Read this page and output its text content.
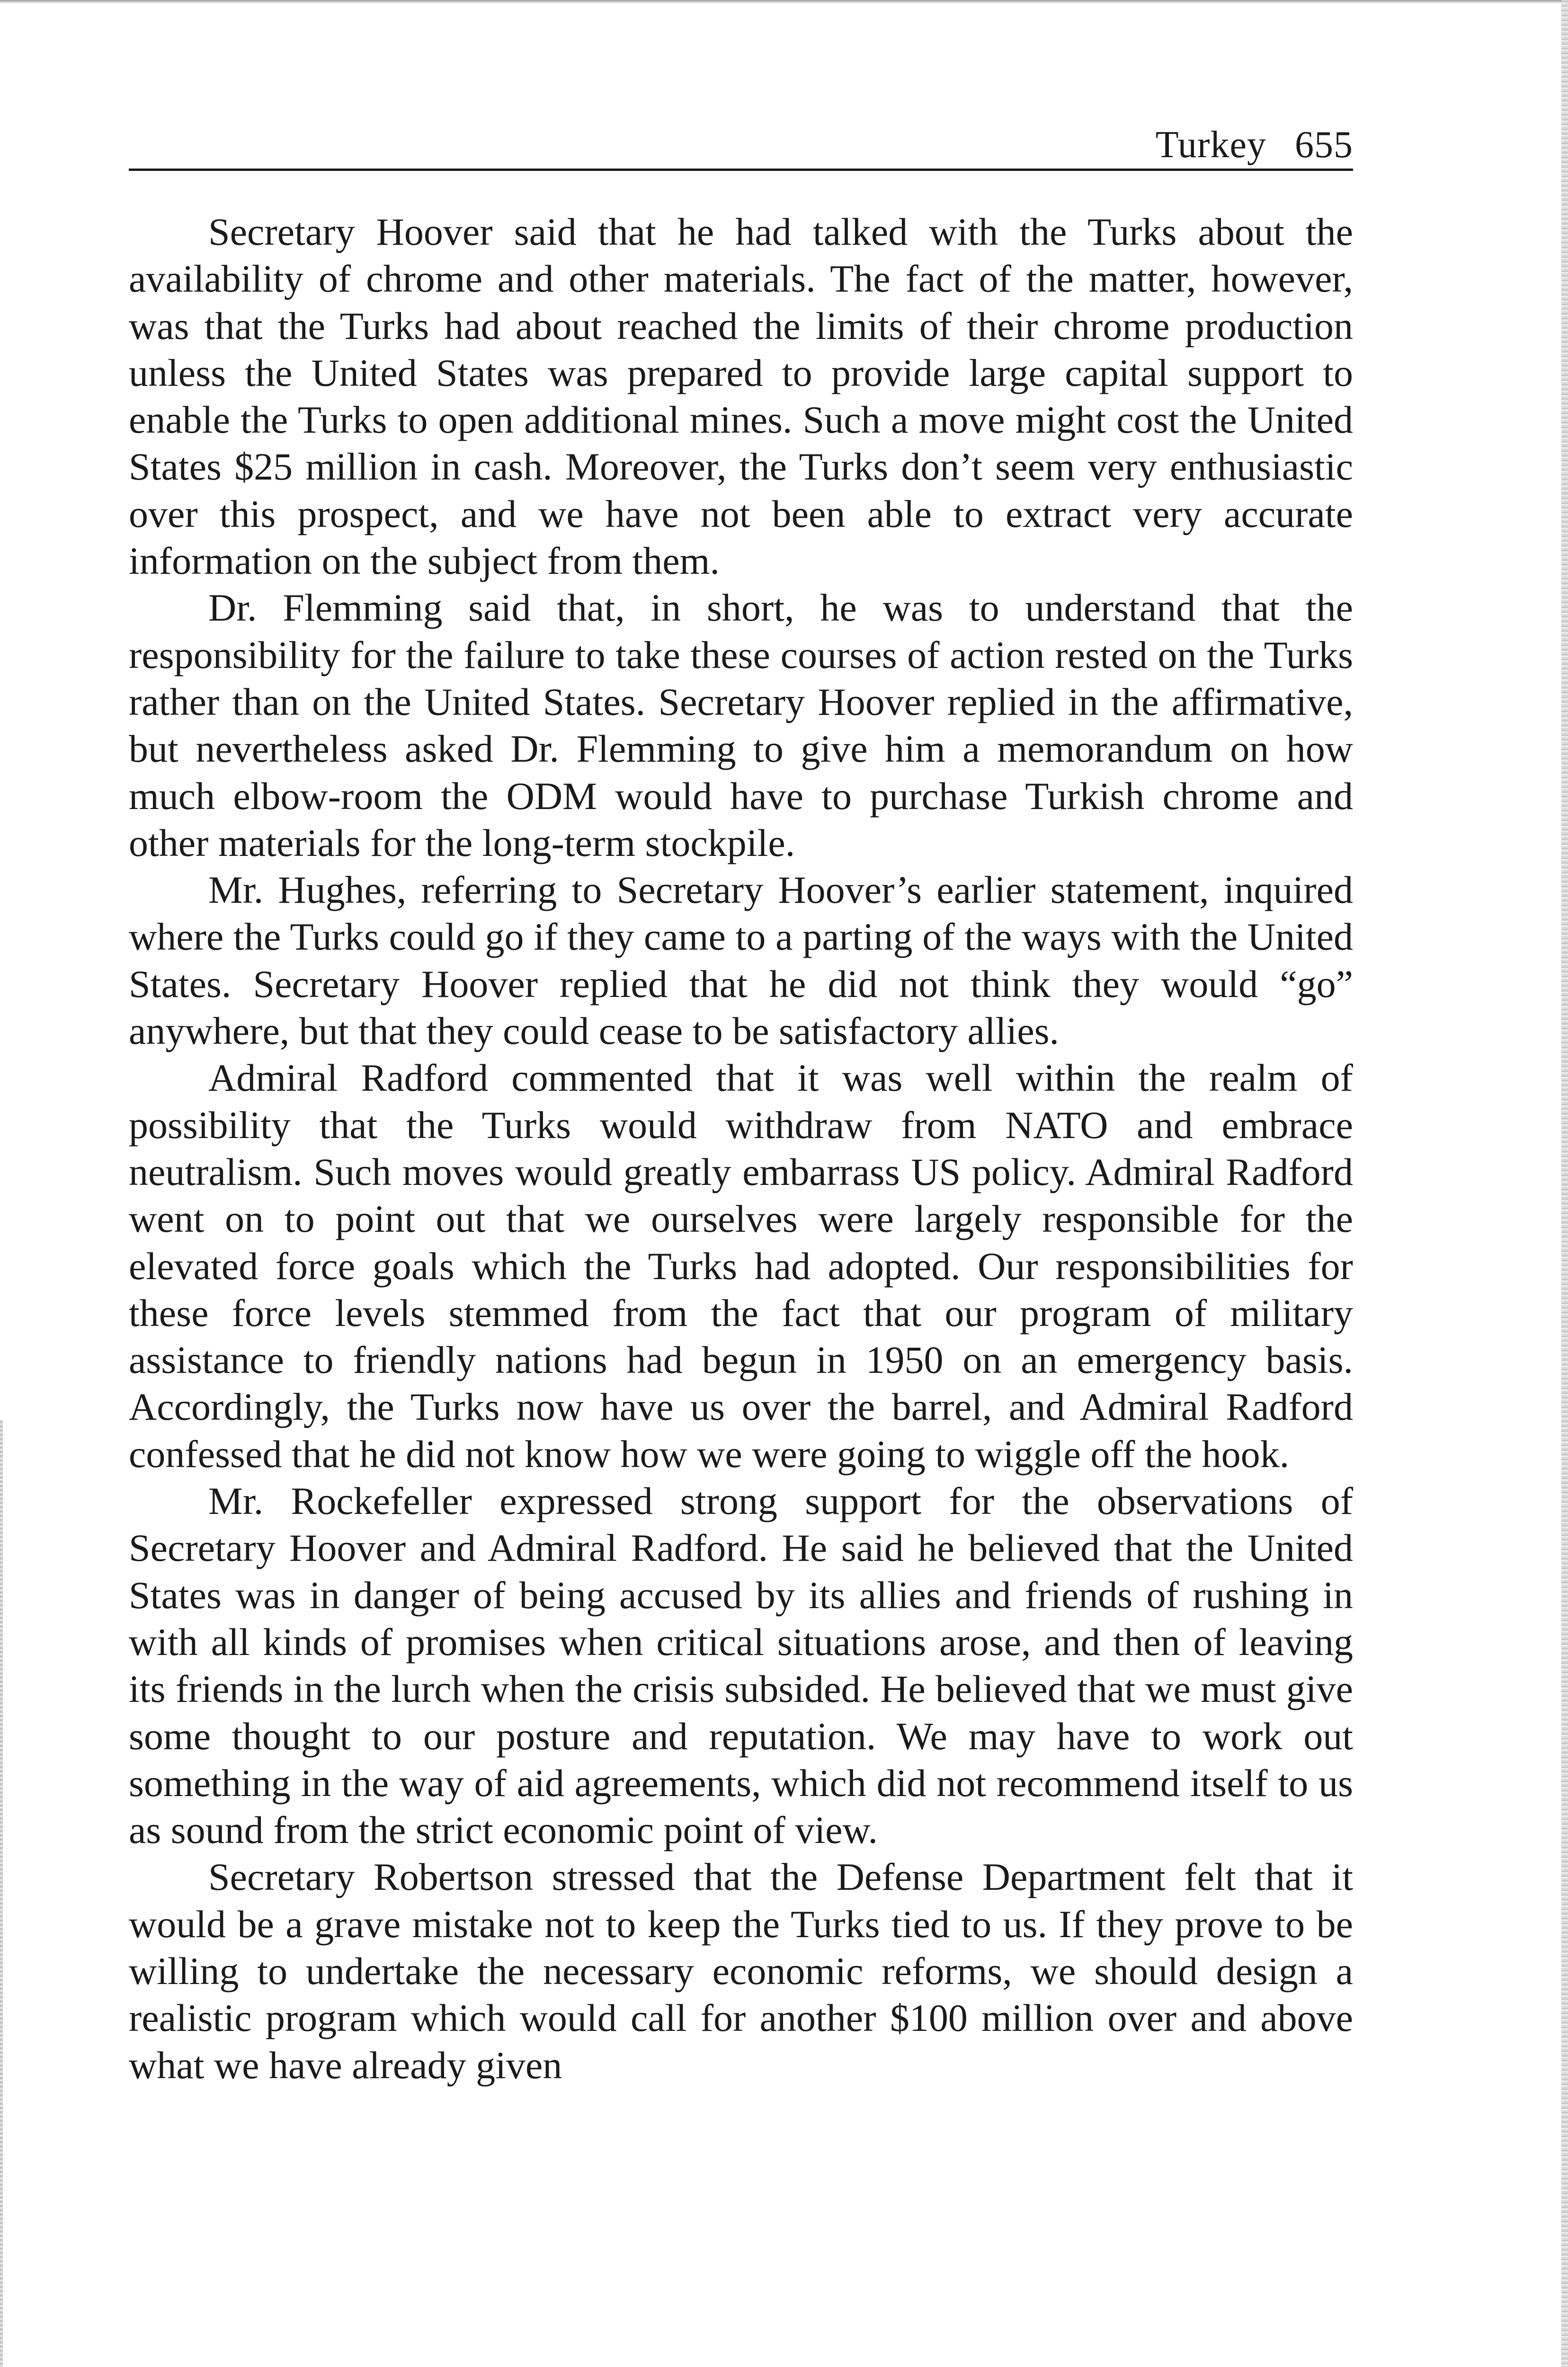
Turkey 655

Secretary Hoover said that he had talked with the Turks about the availability of chrome and other materials. The fact of the matter, however, was that the Turks had about reached the limits of their chrome production unless the United States was prepared to provide large capital support to enable the Turks to open additional mines. Such a move might cost the United States $25 million in cash. Moreover, the Turks don’t seem very enthusiastic over this prospect, and we have not been able to extract very accurate information on the subject from them.

Dr. Flemming said that, in short, he was to understand that the responsibility for the failure to take these courses of action rested on the Turks rather than on the United States. Secretary Hoover replied in the affirmative, but nevertheless asked Dr. Flemming to give him a memorandum on how much elbow-room the ODM would have to purchase Turkish chrome and other materials for the long-term stockpile.

Mr. Hughes, referring to Secretary Hoover’s earlier statement, inquired where the Turks could go if they came to a parting of the ways with the United States. Secretary Hoover replied that he did not think they would “go” anywhere, but that they could cease to be satisfactory allies.

Admiral Radford commented that it was well within the realm of possibility that the Turks would withdraw from NATO and embrace neutralism. Such moves would greatly embarrass US policy. Admiral Radford went on to point out that we ourselves were largely responsible for the elevated force goals which the Turks had adopted. Our responsibilities for these force levels stemmed from the fact that our program of military assistance to friendly nations had begun in 1950 on an emergency basis. Accordingly, the Turks now have us over the barrel, and Admiral Radford confessed that he did not know how we were going to wiggle off the hook.

Mr. Rockefeller expressed strong support for the observations of Secretary Hoover and Admiral Radford. He said he believed that the United States was in danger of being accused by its allies and friends of rushing in with all kinds of promises when critical situations arose, and then of leaving its friends in the lurch when the crisis subsided. He believed that we must give some thought to our posture and reputation. We may have to work out something in the way of aid agreements, which did not recommend itself to us as sound from the strict economic point of view.

Secretary Robertson stressed that the Defense Department felt that it would be a grave mistake not to keep the Turks tied to us. If they prove to be willing to undertake the necessary economic reforms, we should design a realistic program which would call for another $100 million over and above what we have already given
